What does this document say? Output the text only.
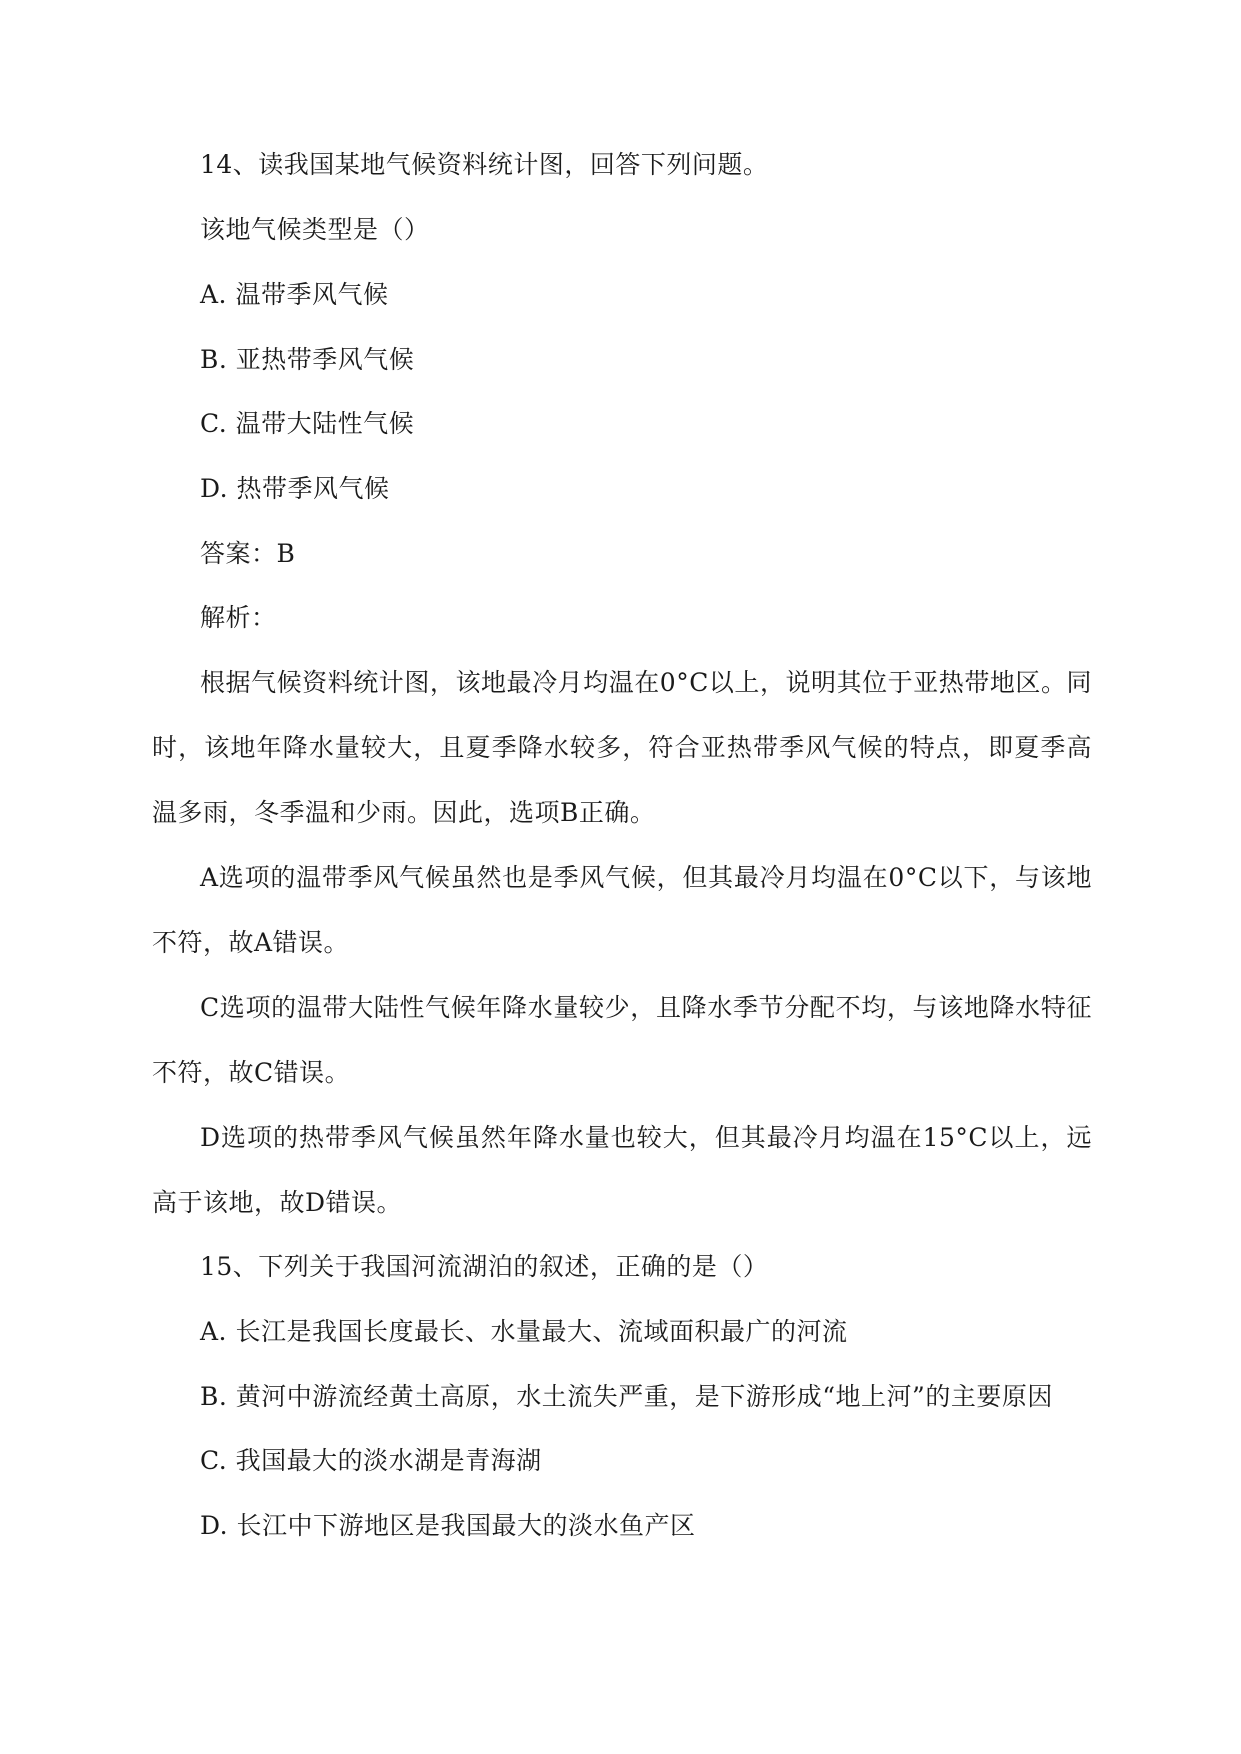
14、读我国某地气候资料统计图，回答下列问题。
该地气候类型是（）
A. 温带季风气候
B. 亚热带季风气候
C. 温带大陆性气候
D. 热带季风气候
答案：B
解析：
根据气候资料统计图，该地最冷月均温在0°C以上，说明其位于亚热带地区。同时，该地年降水量较大，且夏季降水较多，符合亚热带季风气候的特点，即夏季高温多雨，冬季温和少雨。因此，选项B正确。
A选项的温带季风气候虽然也是季风气候，但其最冷月均温在0°C以下，与该地不符，故A错误。
C选项的温带大陆性气候年降水量较少，且降水季节分配不均，与该地降水特征不符，故C错误。
D选项的热带季风气候虽然年降水量也较大，但其最冷月均温在15°C以上，远高于该地，故D错误。
15、下列关于我国河流湖泊的叙述，正确的是（）
A. 长江是我国长度最长、水量最大、流域面积最广的河流
B. 黄河中游流经黄土高原，水土流失严重，是下游形成“地上河”的主要原因
C. 我国最大的淡水湖是青海湖
D. 长江中下游地区是我国最大的淡水鱼产区
